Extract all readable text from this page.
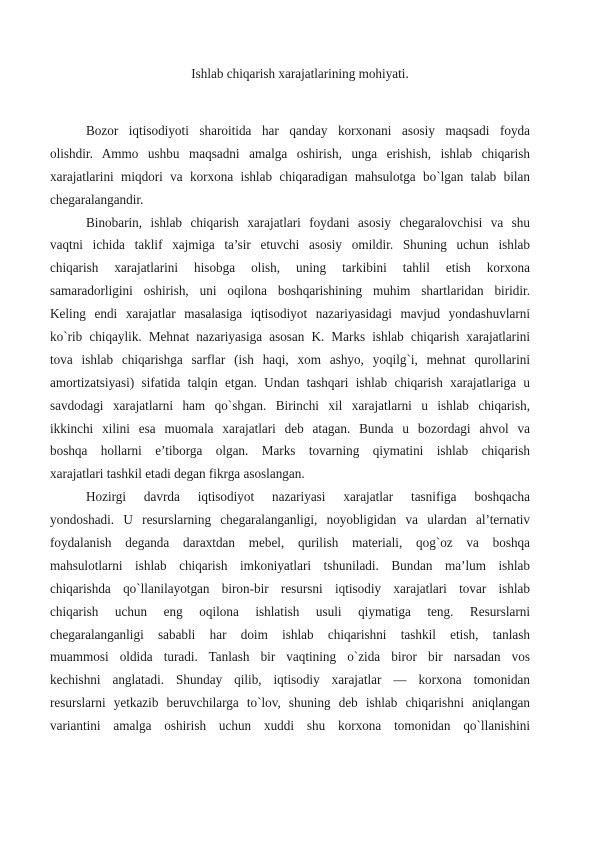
Ishlab chiqarish xarajatlarining mohiyati.
Bozor iqtisodiyoti sharoitida har qanday korxonani asosiy maqsadi foyda
olishdir. Ammo ushbu maqsadni amalga oshirish, unga erishish, ishlab chiqarish
xarajatlarini miqdori va korxona ishlab chiqaradigan mahsulotga bo`lgan talab bilan
chegaralangandir.
Binobarin, ishlab chiqarish xarajatlari foydani asosiy chegaralovchisi va shu
vaqtni ichida taklif xajmiga ta’sir etuvchi asosiy omildir. Shuning uchun ishlab
chiqarish xarajatlarini hisobga olish, uning tarkibini tahlil etish korxona
samaradorligini oshirish, uni oqilona boshqarishining muhim shartlaridan biridir.
Keling endi xarajatlar masalasiga iqtisodiyot nazariyasidagi mavjud yondashuvlarni
ko`rib chiqaylik. Mehnat nazariyasiga asosan K. Marks ishlab chiqarish xarajatlarini
tova ishlab chiqarishga sarflar (ish haqi, xom ashyo, yoqilg`i, mehnat qurollarini
amortizatsiyasi) sifatida talqin etgan. Undan tashqari ishlab chiqarish xarajatlariga u
savdodagi xarajatlarni ham qo`shgan. Birinchi xil xarajatlarni u ishlab chiqarish,
ikkinchi xilini esa muomala xarajatlari deb atagan. Bunda u bozordagi ahvol va
boshqa hollarni e’tiborga olgan. Marks tovarning qiymatini ishlab chiqarish
xarajatlari tashkil etadi degan fikrga asoslangan.
Hozirgi davrda iqtisodiyot nazariyasi xarajatlar tasnifiga boshqacha
yondoshadi. U resurslarning chegaralanganligi, noyobligidan va ulardan al’ternativ
foydalanish deganda daraxtdan mebel, qurilish materiali, qog`oz va boshqa
mahsulotlarni ishlab chiqarish imkoniyatlari tshuniladi. Bundan ma’lum ishlab
chiqarishda qo`llanilayotgan biron-bir resursni iqtisodiy xarajatlari tovar ishlab
chiqarish uchun eng oqilona ishlatish usuli qiymatiga teng. Resurslarni
chegaralanganligi sababli har doim ishlab chiqarishni tashkil etish, tanlash
muammosi oldida turadi. Tanlash bir vaqtining o`zida biror bir narsadan vos
kechishni anglatadi. Shunday qilib, iqtisodiy xarajatlar — korxona tomonidan
resurslarni yetkazib beruvchilarga to`lov, shuning deb ishlab chiqarishni aniqlangan
variantini amalga oshirish uchun xuddi shu korxona tomonidan qo`llanishini
